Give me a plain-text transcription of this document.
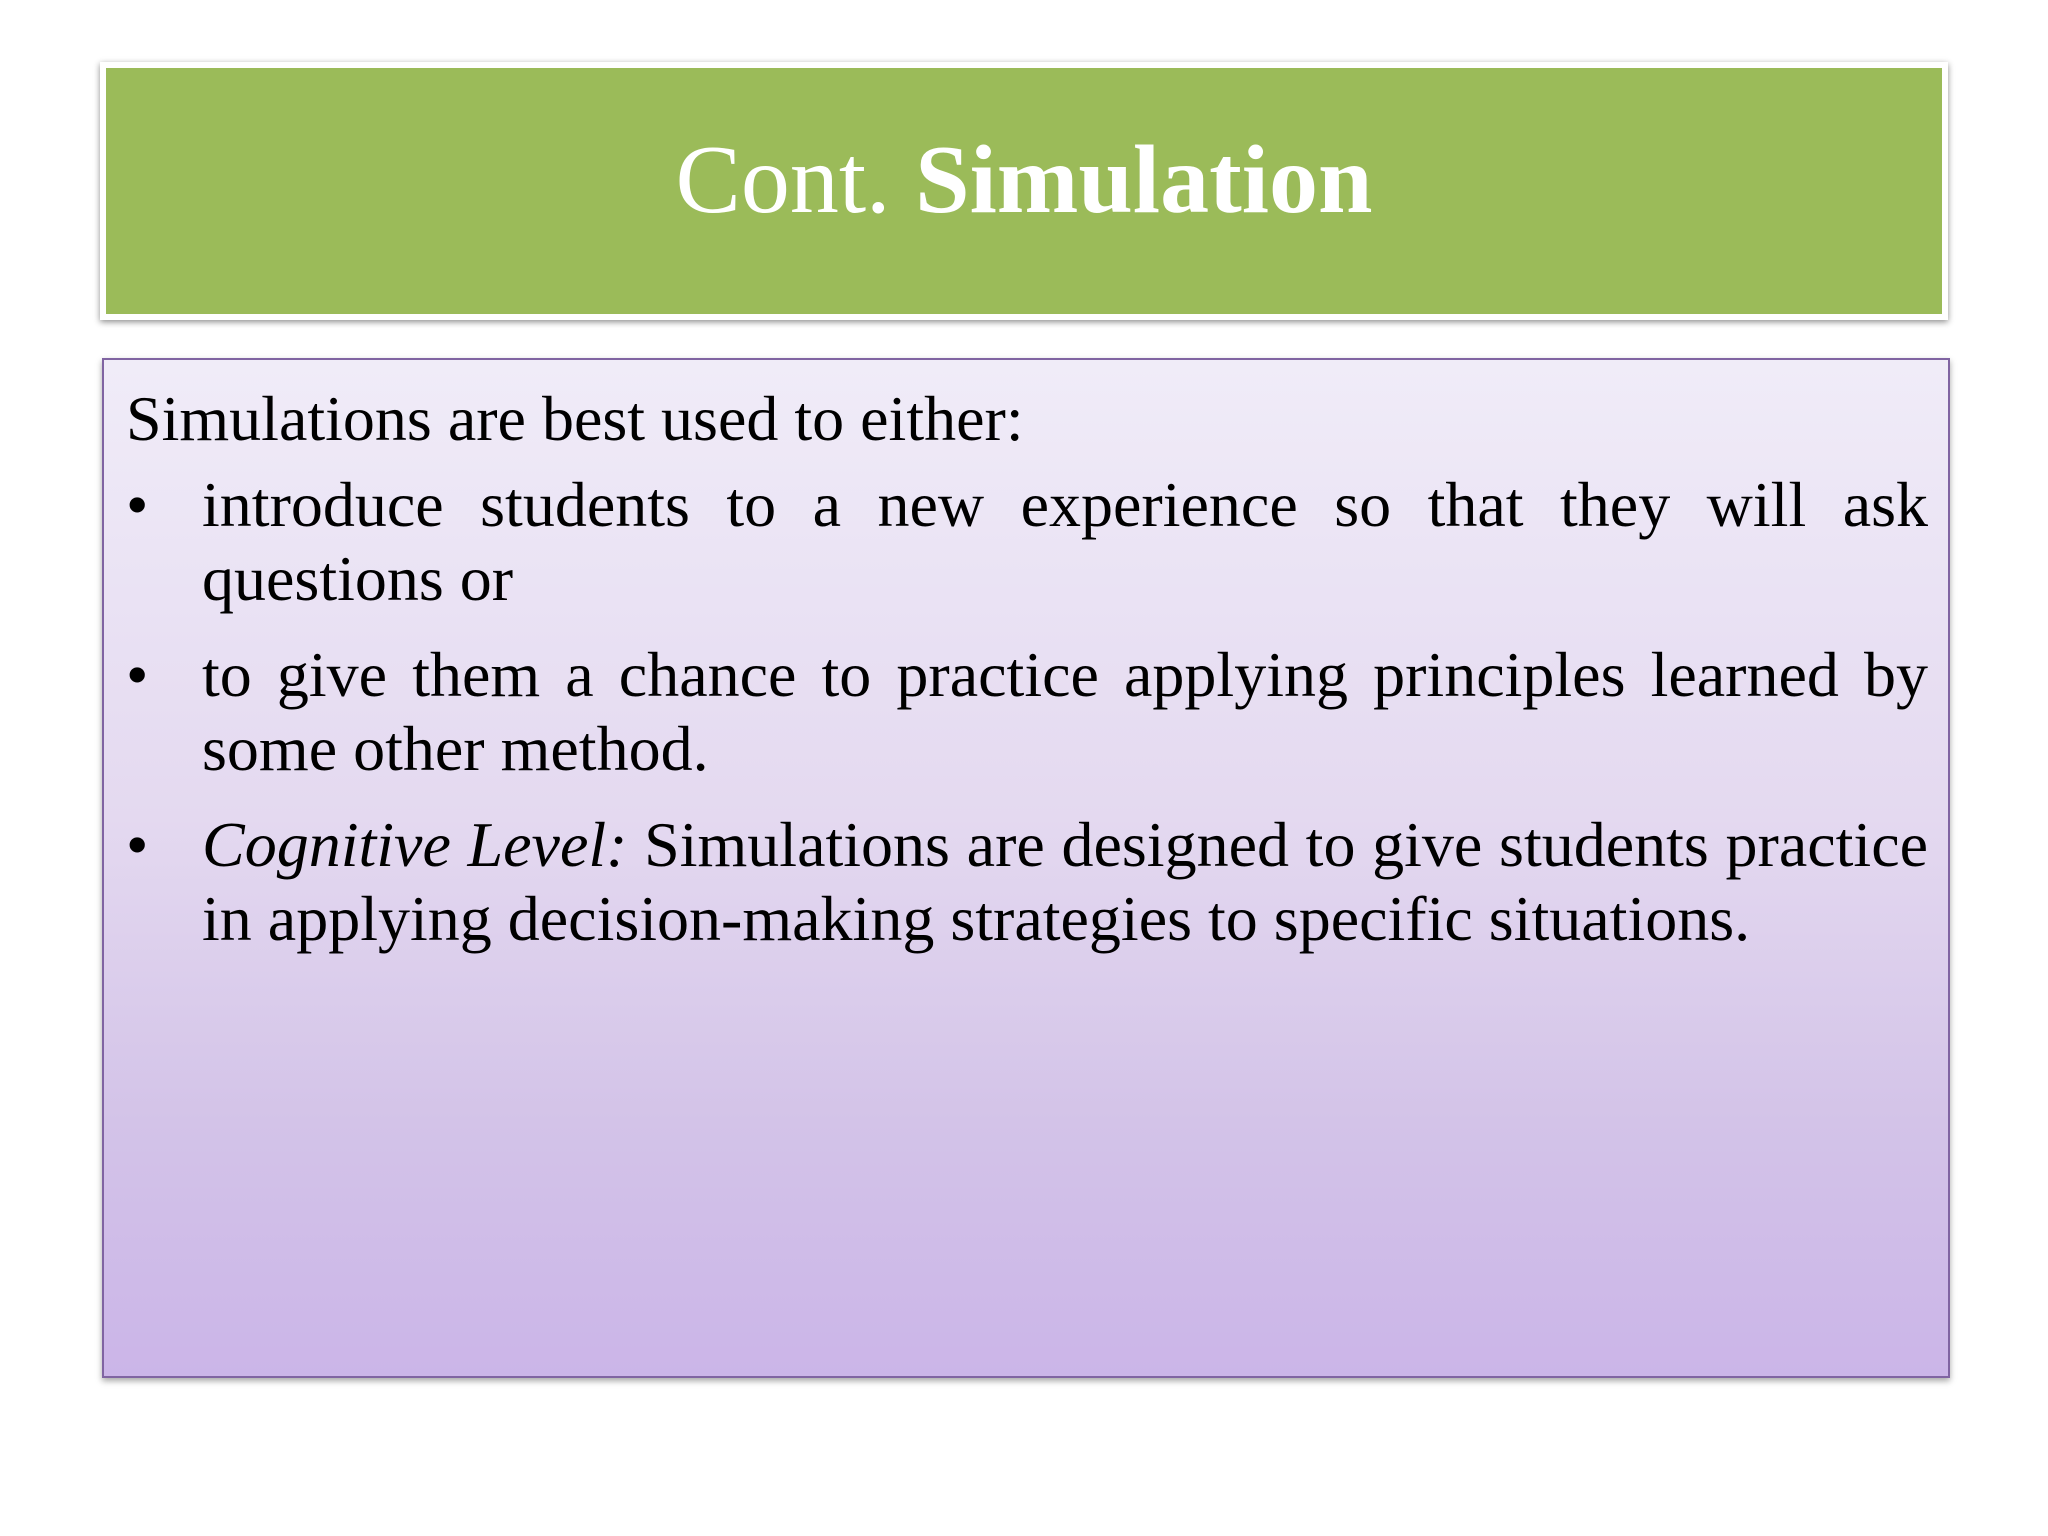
Cont. Simulation
Simulations are best used to either:
• introduce students to a new experience so that they will ask questions or
• to give them a chance to practice applying principles learned by some other method.
• Cognitive Level: Simulations are designed to give students practice in applying decision-making strategies to specific situations.
